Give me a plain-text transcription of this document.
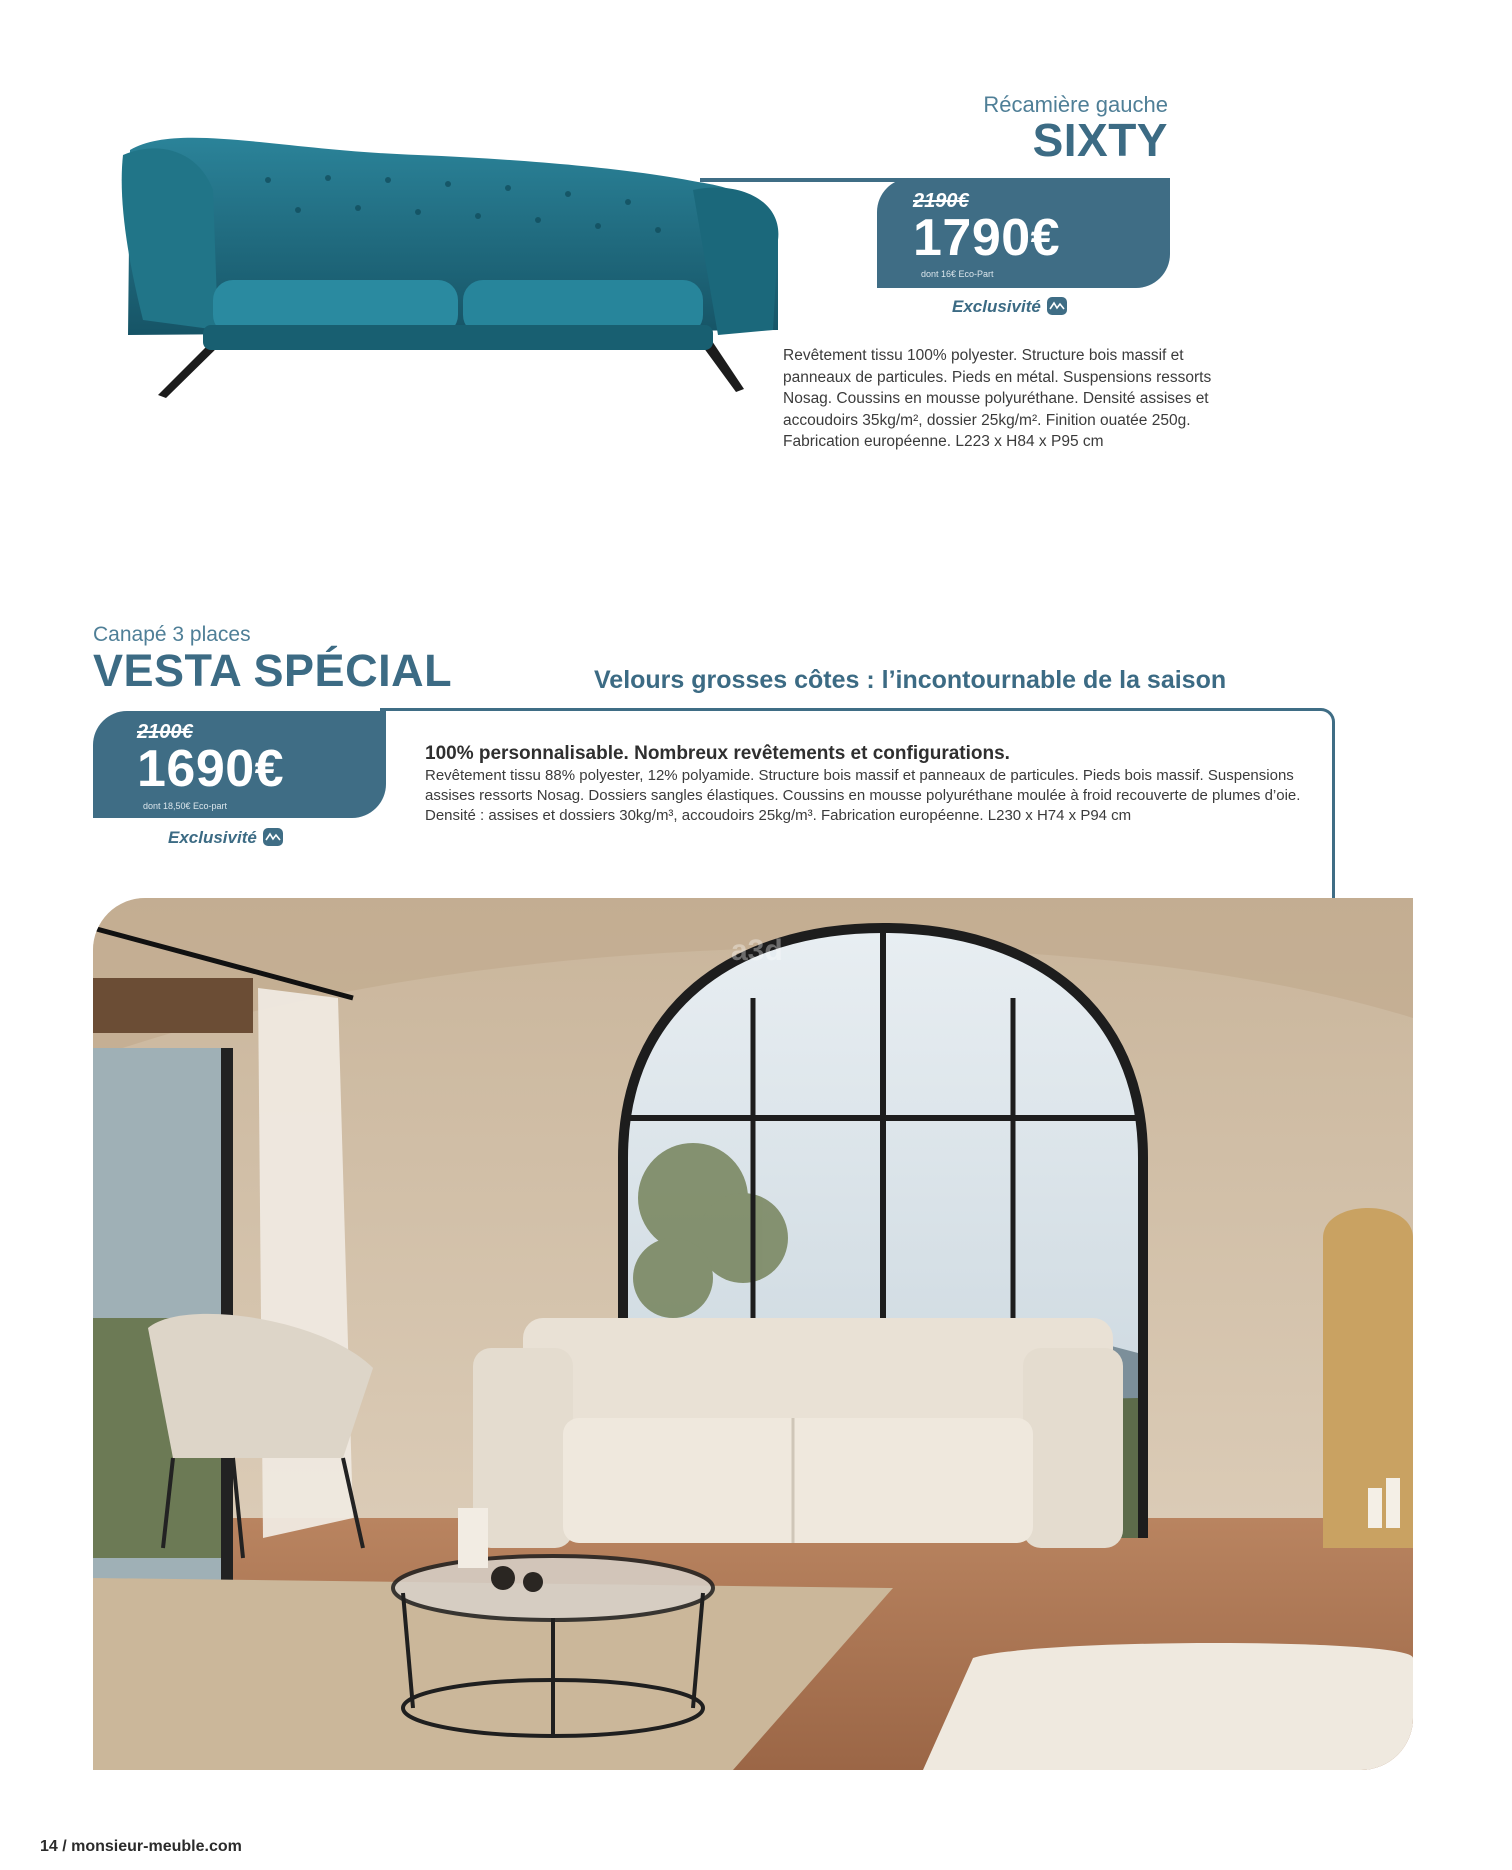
Récamière gauche
SIXTY
2190€
1790€
dont 16€ Eco-Part
Exclusivité
Revêtement tissu 100% polyester. Structure bois massif et panneaux de particules. Pieds en métal. Suspensions ressorts Nosag. Coussins en mousse polyuréthane. Densité assises et accoudoirs 35kg/m², dossier 25kg/m². Finition ouatée 250g. Fabrication européenne. L223 x H84 x P95 cm
Canapé 3 places
VESTA SPÉCIAL	Velours grosses côtes : l’incontournable de la saison
2100€
1690€
dont 18,50€ Eco-part
Exclusivité
100% personnalisable. Nombreux revêtements et configurations.
Revêtement tissu 88% polyester, 12% polyamide. Structure bois massif et panneaux de particules. Pieds bois massif. Suspensions assises ressorts Nosag. Dossiers sangles élastiques. Coussins en mousse polyuréthane moulée à froid recouverte de plumes d’oie. Densité : assises et dossiers 30kg/m³, accoudoirs 25kg/m³. Fabrication européenne. L230 x H74 x P94 cm
a3d
14 / monsieur-meuble.com
